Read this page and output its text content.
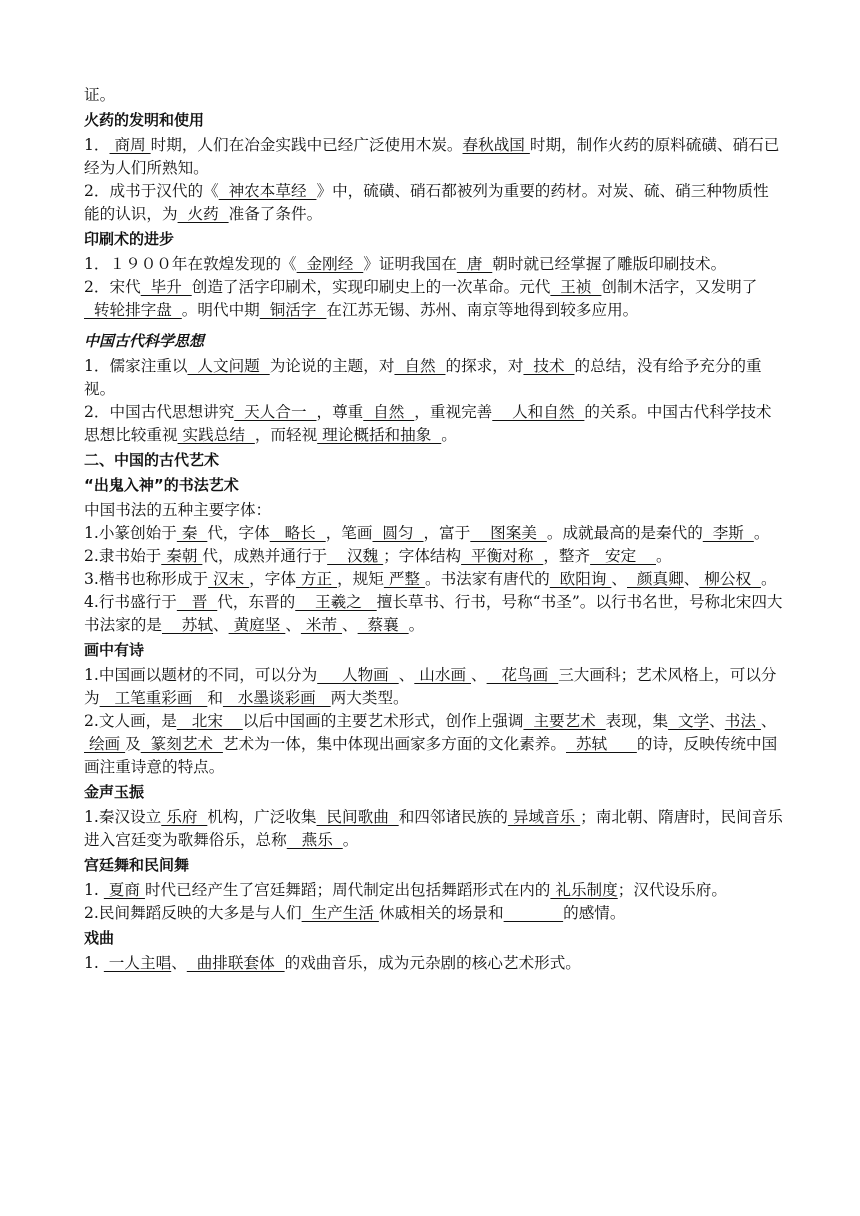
证。
火药的发明和使用
1． 商周 时期，人们在冶金实践中已经广泛使用木炭。春秋战国 时期，制作火药的原料硫磺、硝石已经为人们所熟知。
2．成书于汉代的《  神农本草经  》中，硫磺、硝石都被列为重要的药材。对炭、硫、硝三种物质性能的认识，为  火药  准备了条件。
印刷术的进步
1．１９００年在敦煌发现的《  金刚经  》证明我国在  唐  朝时就已经掌握了雕版印刷技术。
2．宋代  毕升  创造了活字印刷术，实现印刷史上的一次革命。元代  王祯  创制木活字，又发明了  转轮排字盘  。明代中期  铜活字  在江苏无锡、苏州、南京等地得到较多应用。
中国古代科学思想
1．儒家注重以  人文问题  为论说的主题，对  自然  的探求，对  技术  的总结，没有给予充分的重视。
2．中国古代思想讲究  天人合一  ，尊重  自然  ，重视完善    人和自然  的关系。中国古代科学技术思想比较重视 实践总结  ，而轻视 理论概括和抽象  。
二、中国的古代艺术
“出鬼入神”的书法艺术
中国书法的五种主要字体：
1.小篆创始于 秦  代，字体   略长  ，笔画  圆匀  ，富于    图案美  。成就最高的是秦代的  李斯  。
2.隶书始于 秦朝 代，成熟并通行于    汉魏 ；字体结构  平衡对称  ，整齐   安定    。
3.楷书也称形成于 汉末 ，字体 方正 ，规矩 严整 。书法家有唐代的  欧阳询 、  颜真卿、 柳公权  。
4.行书盛行于   晋  代，东晋的    王羲之   擅长草书、行书，号称“书圣”。以行书名世，号称北宋四大书法家的是    苏轼、 黄庭坚 、 米芾 、  蔡襄  。
画中有诗
1.中国画以题材的不同，可以分为     人物画  、 山水画 、   花鸟画  三大画科；艺术风格上，可以分为   工笔重彩画   和   水墨谈彩画   两大类型。
2.文人画，是   北宋    以后中国画的主要艺术形式，创作上强调  主要艺术  表现，集  文学、书法 、 绘画 及  篆刻艺术  艺术为一体，集中体现出画家多方面的文化素养。  苏轼      的诗，反映传统中国画注重诗意的特点。
金声玉振
1.秦汉设立 乐府  机构，广泛收集  民间歌曲  和四邻诸民族的 异域音乐 ；南北朝、隋唐时，民间音乐进入宫廷变为歌舞俗乐，总称   燕乐  。
宫廷舞和民间舞
1.  夏商 时代已经产生了宫廷舞蹈；周代制定出包括舞蹈形式在内的 礼乐制度；汉代设乐府。
2.民间舞蹈反映的大多是与人们  生产生活 休戚相关的场景和	的感情。
戏曲
1.  一人主唱、  曲排联套体  的戏曲音乐，成为元杂剧的核心艺术形式。
